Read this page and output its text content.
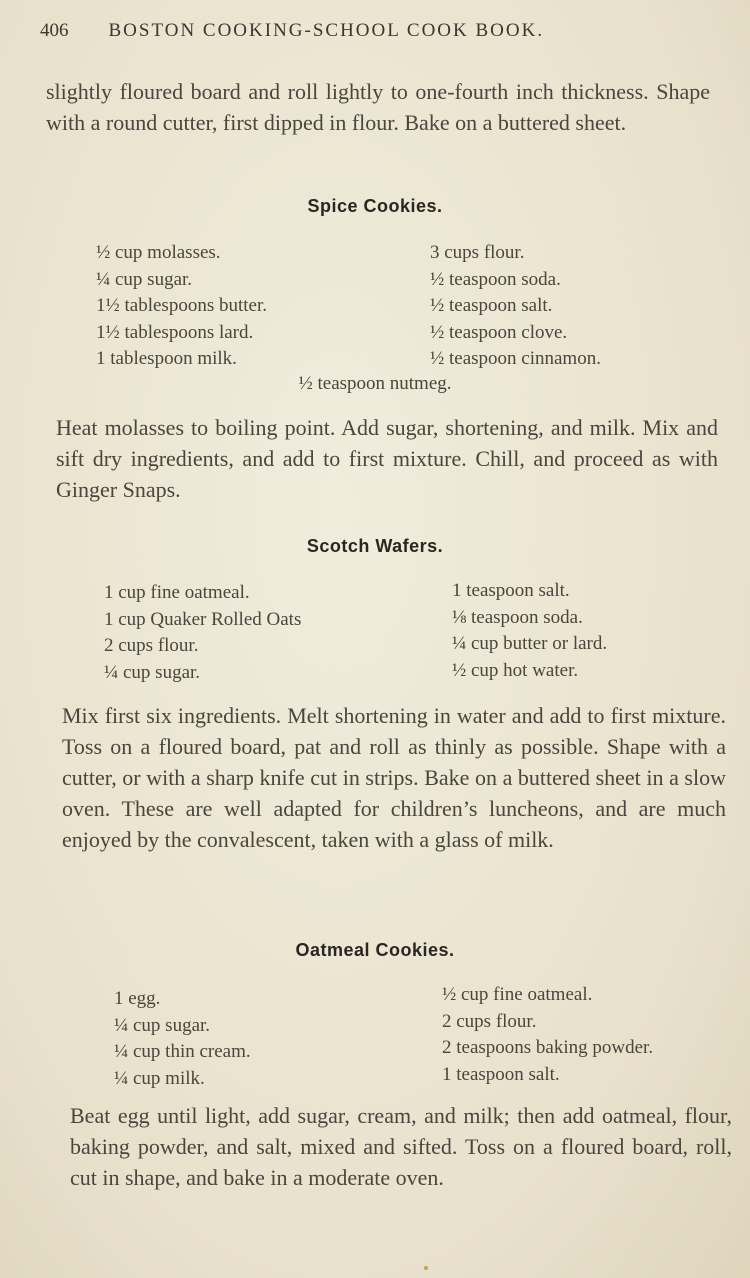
406 BOSTON COOKING-SCHOOL COOK BOOK.

slightly floured board and roll lightly to one-fourth inch thickness. Shape with a round cutter, first dipped in flour. Bake on a buttered sheet.

Spice Cookies.
½ cup molasses.
¼ cup sugar.
1½ tablespoons butter.
1½ tablespoons lard.
1 tablespoon milk.
3 cups flour.
½ teaspoon soda.
½ teaspoon salt.
½ teaspoon clove.
½ teaspoon cinnamon.
½ teaspoon nutmeg.

Heat molasses to boiling point. Add sugar, shortening, and milk. Mix and sift dry ingredients, and add to first mixture. Chill, and proceed as with Ginger Snaps.

Scotch Wafers.
1 cup fine oatmeal.
1 cup Quaker Rolled Oats
2 cups flour.
¼ cup sugar.
1 teaspoon salt.
⅛ teaspoon soda.
¼ cup butter or lard.
½ cup hot water.

Mix first six ingredients. Melt shortening in water and add to first mixture. Toss on a floured board, pat and roll as thinly as possible. Shape with a cutter, or with a sharp knife cut in strips. Bake on a buttered sheet in a slow oven. These are well adapted for children’s luncheons, and are much enjoyed by the convalescent, taken with a glass of milk.

Oatmeal Cookies.
1 egg.
¼ cup sugar.
¼ cup thin cream.
¼ cup milk.
½ cup fine oatmeal.
2 cups flour.
2 teaspoons baking powder.
1 teaspoon salt.

Beat egg until light, add sugar, cream, and milk; then add oatmeal, flour, baking powder, and salt, mixed and sifted. Toss on a floured board, roll, cut in shape, and bake in a moderate oven.
